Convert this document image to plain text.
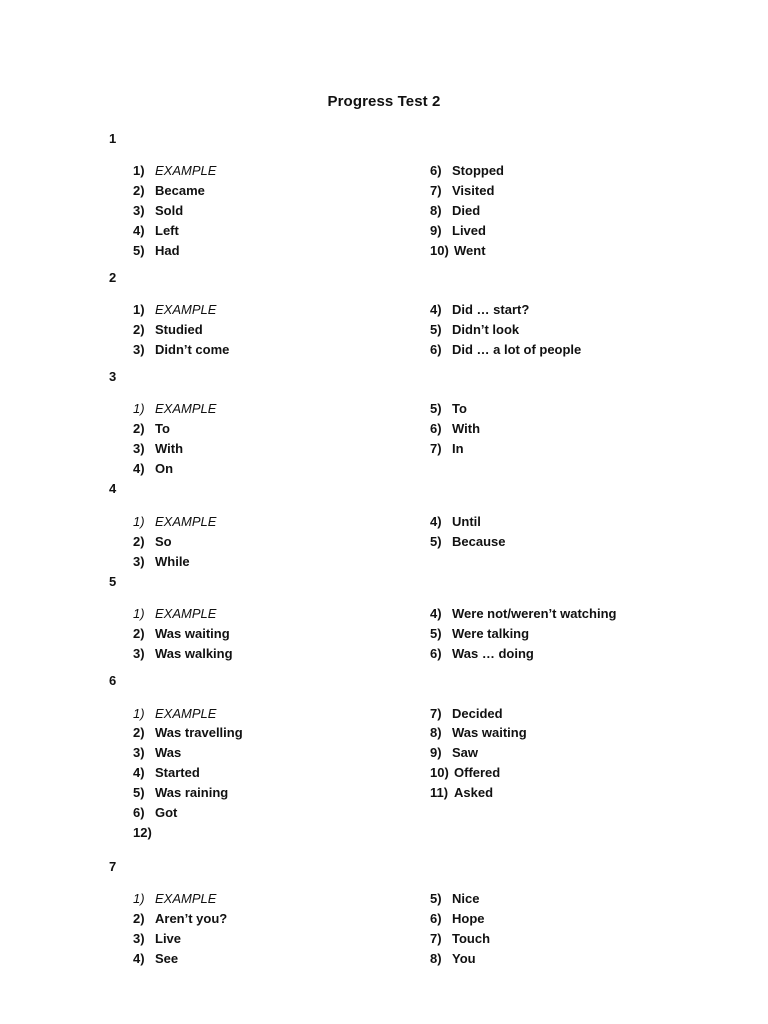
Progress Test 2
1
1) EXAMPLE
2) Became
3) Sold
4) Left
5) Had
6) Stopped
7) Visited
8) Died
9) Lived
10) Went
2
1) EXAMPLE
2) Studied
3) Didn’t come
4) Did … start?
5) Didn’t look
6) Did … a lot of people
3
1) EXAMPLE
2) To
3) With
4) On
5) To
6) With
7) In
4
1) EXAMPLE
2) So
3) While
4) Until
5) Because
5
1) EXAMPLE
2) Was waiting
3) Was walking
4) Were not/weren’t watching
5) Were talking
6) Was … doing
6
1) EXAMPLE
2) Was travelling
3) Was
4) Started
5) Was raining
6) Got
12)
7) Decided
8) Was waiting
9) Saw
10) Offered
11) Asked
7
1) EXAMPLE
2) Aren’t you?
3) Live
4) See
5) Nice
6) Hope
7) Touch
8) You
